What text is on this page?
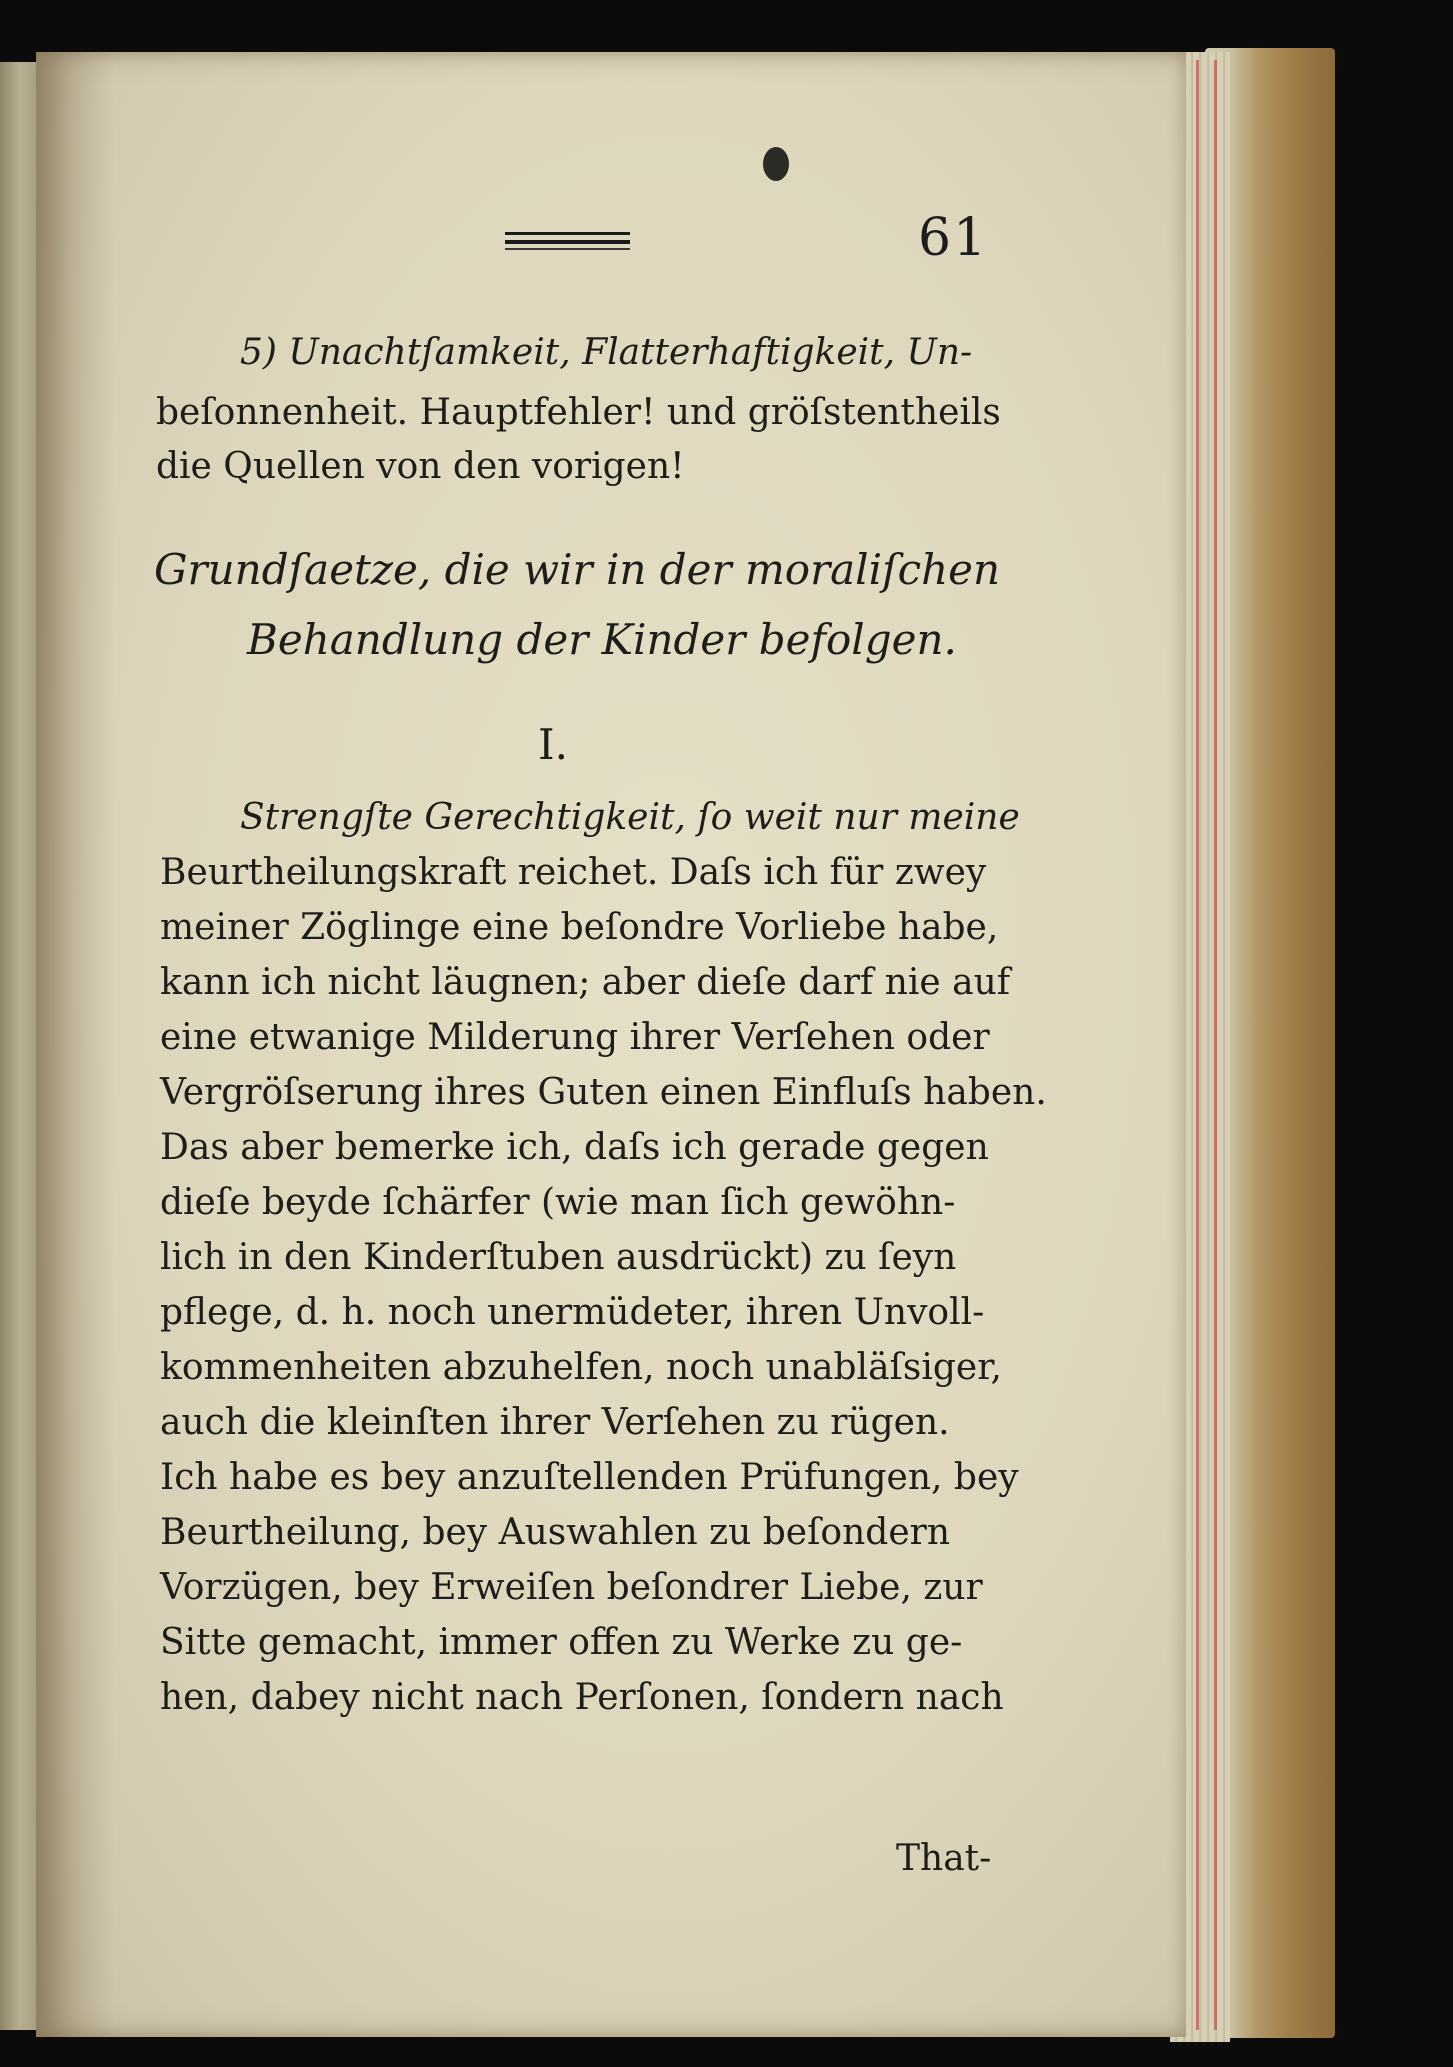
61
5) Unachtſamkeit, Flatterhaftigkeit, Un-
beſonnenheit. Hauptfehler! und gröſstentheils
die Quellen von den vorigen!
Grundſaetze, die wir in der moraliſchen
Behandlung der Kinder befolgen.
I.
Strengſte Gerechtigkeit, ſo weit nur meine
Beurtheilungskraft reichet. Daſs ich für zwey
meiner Zöglinge eine beſondre Vorliebe habe,
kann ich nicht läugnen; aber dieſe darf nie auf
eine etwanige Milderung ihrer Verſehen oder
Vergröſserung ihres Guten einen Einfluſs haben.
Das aber bemerke ich, daſs ich gerade gegen
dieſe beyde ſchärfer (wie man ſich gewöhn-
lich in den Kinderſtuben ausdrückt) zu ſeyn
pflege, d. h. noch unermüdeter, ihren Unvoll-
kommenheiten abzuhelfen, noch unabläſsiger,
auch die kleinſten ihrer Verſehen zu rügen.
Ich habe es bey anzuſtellenden Prüfungen, bey
Beurtheilung, bey Auswahlen zu beſondern
Vorzügen, bey Erweiſen beſondrer Liebe, zur
Sitte gemacht, immer offen zu Werke zu ge-
hen, dabey nicht nach Perſonen, ſondern nach
That-
